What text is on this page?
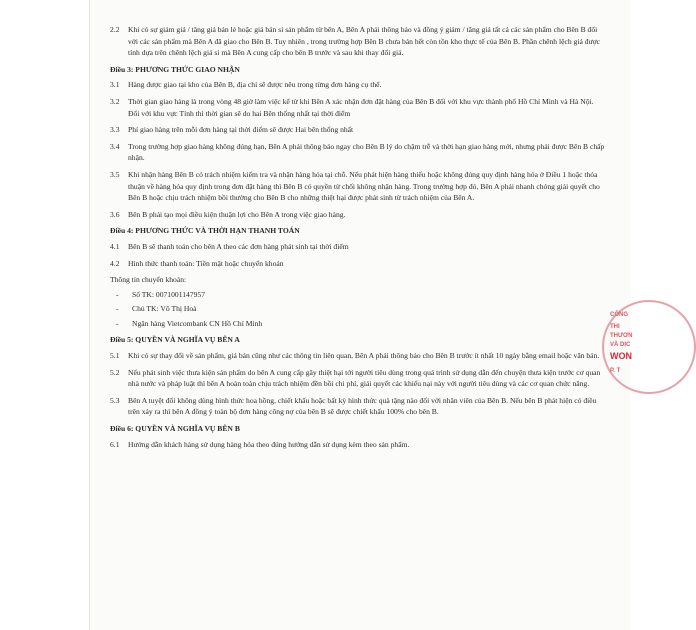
2.2	Khi có sự giảm giá / tăng giá bán lẻ hoặc giá bán sỉ sản phẩm từ bên A, Bên A phải thông báo và đồng ý giảm / tăng giá tất cả các sản phẩm cho Bên B đối với các sản phẩm mà Bên A đã giao cho Bên B. Tuy nhiên , trong trường hợp Bên B chưa bán hết còn tồn kho thực tế của Bên B. Phần chênh lệch giá được tính dựa trên chênh lệch giá sỉ mà Bên A cung cấp cho bên B trước và sau khi thay đổi giá.

Điều 3: PHƯƠNG THỨC GIAO NHẬN

3.1	Hàng được giao tại kho của Bên B, địa chỉ sẽ được nêu trong từng đơn hàng cụ thể.
3.2	Thời gian giao hàng là trong vòng 48 giờ làm việc kể từ khi Bên A xác nhận đơn đặt hàng của Bên B đối với khu vực thành phố Hồ Chí Minh và Hà Nội. Đối với khu vực Tỉnh thì thời gian sẽ do hai Bên thống nhất tại thời điểm
3.3	Phí giao hàng trên mỗi đơn hàng tại thời điểm sẽ được Hai bên thống nhất
3.4	Trong trường hợp giao hàng không đúng hạn, Bên A phải thông báo ngay cho Bên B lý do chậm trễ và thời hạn giao hàng mới, nhưng phải được Bên B chấp nhận.
3.5	Khi nhận hàng Bên B có trách nhiệm kiểm tra và nhận hàng hóa tại chỗ. Nếu phát hiện hàng thiếu hoặc không đúng quy định hàng hóa ở Điều 1 hoặc thỏa thuận về hàng hóa quy định trong đơn đặt hàng thì Bên B có quyền từ chối không nhận hàng. Trong trường hợp đó, Bên A phải nhanh chóng giải quyết cho Bên B hoặc chịu trách nhiệm bồi thường cho Bên B cho những thiệt hại được phát sinh từ trách nhiệm của Bên A.
3.6	Bên B phải tạo mọi điều kiện thuận lợi cho Bên A trong việc giao hàng.

Điều 4: PHƯƠNG THỨC VÀ THỜI HẠN THANH TOÁN

4.1	Bên B sẽ thanh toán cho bên A theo các đơn hàng phát sinh tại thời điểm
4.2	Hình thức thanh toán: Tiền mặt hoặc chuyển khoản

Thông tin chuyển khoản:

-	Số TK: 0071001147957
-	Chủ TK: Võ Thị Hoà
-	Ngân hàng Vietcombank CN Hồ Chí Minh

Điều 5: QUYỀN VÀ NGHĨA VỤ BÊN A

5.1	Khi có sự thay đổi về sản phẩm, giá bán cũng như các thông tin liên quan, Bên A phải thông báo cho Bên B trước ít nhất 10 ngày bằng email hoặc văn bản.
5.2	Nếu phát sinh việc thưa kiện sản phẩm do bên A cung cấp gây thiệt hại tới người tiêu dùng trong quá trình sử dụng dẫn đến chuyện thưa kiện trước cơ quan nhà nước và pháp luật thì bên A hoàn toàn chịu trách nhiệm đền bồi chi phí, giải quyết các khiếu nại này với người tiêu dùng và các cơ quan chức năng.
5.3	Bên A tuyệt đối không dùng hình thức hoa hồng, chiết khấu hoặc bất kỳ hình thức quà tặng nào đối với nhân viên của Bên B. Nếu bên B phát hiện có điều trên xảy ra thì bên A đồng ý toàn bộ đơn hàng công nợ của bên B sẽ được chiết khấu 100% cho bên B.

Điều 6: QUYỀN VÀ NGHĨA VỤ BÊN B

6.1	Hướng dẫn khách hàng sử dụng hàng hóa theo đúng hướng dẫn sử dụng kèm theo sản phẩm.
CÔNG
THI
THƯƠN
VÀ DỊC
WON
P. T
